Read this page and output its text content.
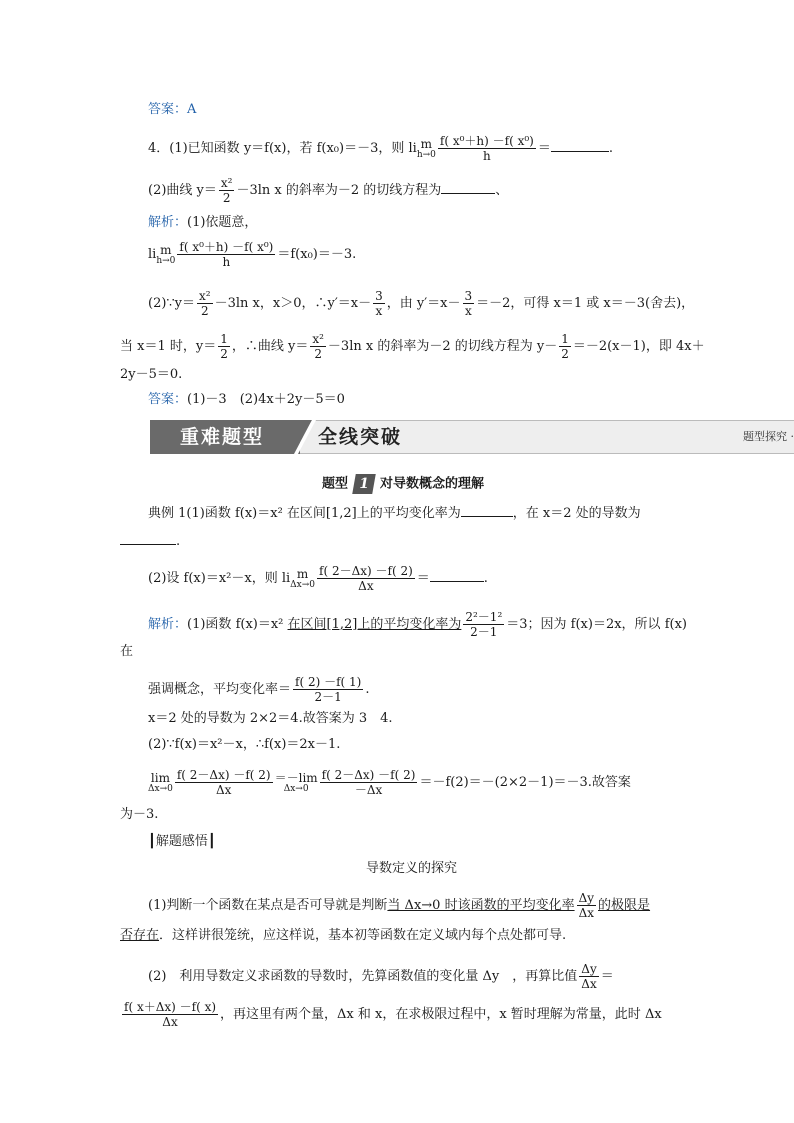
答案：A
4．(1)已知函数 y＝f(x)，若 f(x₀)＝－3，则 li m
$h\to 0 \frac{\text{f( x⁰＋h) －f( x⁰)}}{h}$ ＝	.
(2)曲线 $y= \frac{\text{x²}}{2} -3\ln$ x 的斜率为－2 的切线方程为	、
解析：(1)依题意，
li m
$h\to 0 \frac{\text{f( x⁰＋h) －f( x⁰)}}{h} =f(x_0)=-3$.
(2)∵y＝ $\frac{\text{x²}}{2} -3\ln$ x，x＞0，∴y′＝x－ $\frac{3}{x}$ ，由 $y'=x- \frac{3}{x} =-2$，可得 x＝1 或 x＝－3(舍去)，
当 x＝1 时，$y= \frac{1}{2}$ ，∴曲线 $y= \frac{\text{x²}}{2} -3\ln$ x 的斜率为－2 的切线方程为 $y- \frac{1}{2} =-2(x-1)$，即 4x＋
2y－5＝0.
答案：(1)－3　(2)4x＋2y－5＝0
重难题型	全线突破	题型探究 ·
题型 1 对导数概念的理解
典例 1(1)函数 f(x)＝x² 在区间[1,2]上的平均变化率为	，在 x＝2 处的导数为
.
(2)设 f(x)＝x²－x，则 li m
$\Delta x\to 0 \frac{f( 2-\Delta x) -f( 2)}{\Delta x}$ ＝	.
解析：(1)函数 f(x)＝x² 在区间[1,2]上的平均变化率为 $\frac{\text{2²－1²}}{2-1} =3$；因为 f(x)＝2x，所以 f(x)
在
强调概念，平均变化率＝ $\frac{f( 2) -f( 1)}{2-1}$ .
x＝2 处的导数为 2×2＝4.故答案为 3　4.
(2)∵f(x)＝x²－x，∴f(x)＝2x－1.
lim
$\Delta x\to 0 \frac{f( 2-\Delta x) -f( 2)}{\Delta x} =-\lim$
$\Delta x\to 0 \frac{f( 2-\Delta x) -f( 2)}{-\Delta x} =-f(2)=-(2\times 2-1)=-3$.故答案
为－3.
┃解题感悟┃
导数定义的探究
(1)判断一个函数在某点是否可导就是判断当 Δx→0 时该函数的平均变化率 $\frac{\Delta y}{\Delta x}$ 的极限是
否存在．这样讲很笼统，应这样说，基本初等函数在定义域内每个点处都可导.
(2)　利用导数定义求函数的导数时，先算函数值的变化量 Δy　，再算比值 $\frac{\Delta y}{\Delta x}$ ＝
$\frac{f( x+\Delta x) -f( x)}{\Delta x}$ ，再这里有两个量，Δx 和 x，在求极限过程中，x 暂时理解为常量，此时 Δx
